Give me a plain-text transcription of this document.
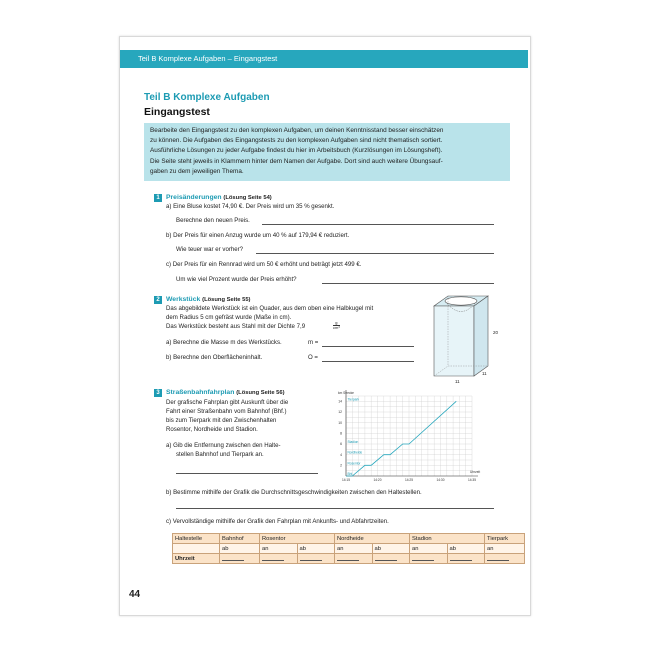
Teil B Komplexe Aufgaben – Eingangstest
Teil B Komplexe Aufgaben
Eingangstest
Bearbeite den Eingangstest zu den komplexen Aufgaben, um deinen Kenntnisstand besser einschätzen
zu können. Die Aufgaben des Eingangstests zu den komplexen Aufgaben sind nicht thematisch sortiert.
Ausführliche Lösungen zu jeder Aufgabe findest du hier im Arbeitsbuch (Kurzlösungen im Lösungsheft).
Die Seite steht jeweils in Klammern hinter dem Namen der Aufgabe. Dort sind auch weitere Übungsauf-
gaben zu dem jeweiligen Thema.
1 Preisänderungen (Lösung Seite 54)
a) Eine Bluse kostet 74,90 €. Der Preis wird um 35 % gesenkt.
Berechne den neuen Preis.
b) Der Preis für einen Anzug wurde um 40 % auf 179,94 € reduziert.
Wie teuer war er vorher?
c) Der Preis für ein Rennrad wird um 50 € erhöht und beträgt jetzt 499 €.
Um wie viel Prozent wurde der Preis erhöht?
2 Werkstück (Lösung Seite 55)
Das abgebildete Werkstück ist ein Quader, aus dem oben eine Halbkugel mit
dem Radius 5 cm gefräst wurde (Maße in cm).
Das Werkstück besteht aus Stahl mit der Dichte 7,9	$\frac{g}{\text{cm³}}$
a) Berechne die Masse m des Werkstücks.	m =
b) Berechne den Oberflächeninhalt.	O =
20
11
11
3 Straßenbahnfahrplan (Lösung Seite 56)
Der grafische Fahrplan gibt Auskunft über die
Fahrt einer Straßenbahn vom Bahnhof (Bhf.)
bis zum Tierpark mit den Zwischenhalten
Rosentor, Nordheide und Stadion.
a) Gib die Entfernung zwischen den Halte-
stellen Bahnhof und Tierpark an.
b) Bestimme mithilfe der Grafik die Durchschnittsgeschwindigkeiten zwischen den Haltestellen.
c) Vervollständige mithilfe der Grafik den Fahrplan mit Ankunfts- und Abfahrtzeiten.
km Strecke
Uhrzeit
2
4
6
8
10
12
14
14:15	14:20	14:25	14:30	14:35
Tierpark
Stadion
Nordheide
Rosentor
Bhf.
Haltestelle	Bahnhof	Rosentor		Nordheide		Stadion		Tierpark
	ab	an	ab	an	ab	an	ab	an
Uhrzeit								
44
